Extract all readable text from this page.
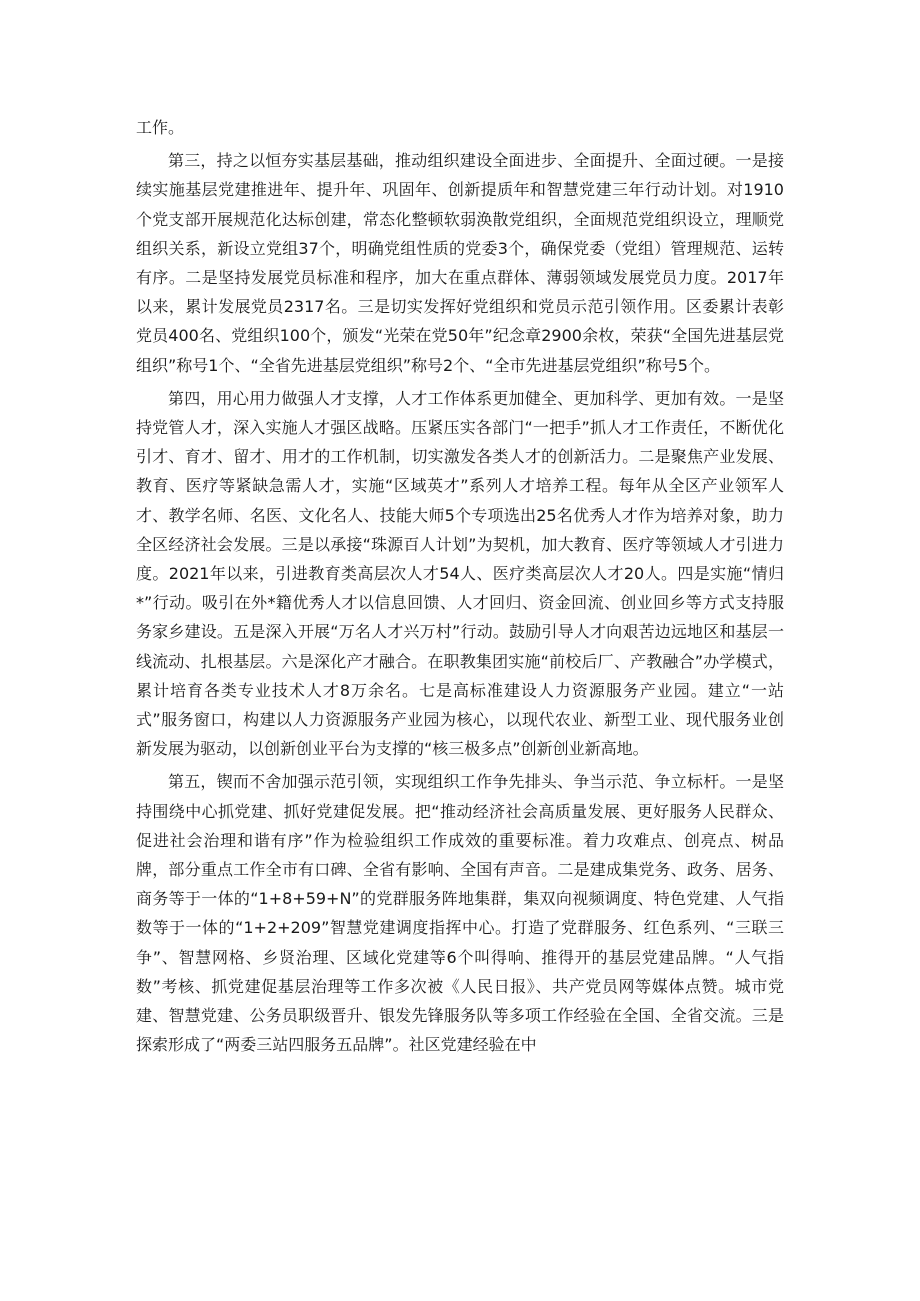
工作。

第三，持之以恒夯实基层基础，推动组织建设全面进步、全面提升、全面过硬。一是接续实施基层党建推进年、提升年、巩固年、创新提质年和智慧党建三年行动计划。对1910个党支部开展规范化达标创建，常态化整顿软弱涣散党组织，全面规范党组织设立，理顺党组织关系，新设立党组37个，明确党组性质的党委3个，确保党委（党组）管理规范、运转有序。二是坚持发展党员标准和程序，加大在重点群体、薄弱领域发展党员力度。2017年以来，累计发展党员2317名。三是切实发挥好党组织和党员示范引领作用。区委累计表彰党员400名、党组织100个，颁发“光荣在党50年”纪念章2900余枚，荣获“全国先进基层党组织”称号1个、“全省先进基层党组织”称号2个、“全市先进基层党组织”称号5个。

第四，用心用力做强人才支撑，人才工作体系更加健全、更加科学、更加有效。一是坚持党管人才，深入实施人才强区战略。压紧压实各部门“一把手”抓人才工作责任，不断优化引才、育才、留才、用才的工作机制，切实激发各类人才的创新活力。二是聚焦产业发展、教育、医疗等紧缺急需人才，实施“区域英才”系列人才培养工程。每年从全区产业领军人才、教学名师、名医、文化名人、技能大师5个专项选出25名优秀人才作为培养对象，助力全区经济社会发展。三是以承接“珠源百人计划”为契机，加大教育、医疗等领域人才引进力度。2021年以来，引进教育类高层次人才54人、医疗类高层次人才20人。四是实施“情归*”行动。吸引在外*籍优秀人才以信息回馈、人才回归、资金回流、创业回乡等方式支持服务家乡建设。五是深入开展“万名人才兴万村”行动。鼓励引导人才向艰苦边远地区和基层一线流动、扎根基层。六是深化产才融合。在职教集团实施“前校后厂、产教融合”办学模式，累计培育各类专业技术人才8万余名。七是高标准建设人力资源服务产业园。建立“一站式”服务窗口，构建以人力资源服务产业园为核心，以现代农业、新型工业、现代服务业创新发展为驱动，以创新创业平台为支撑的“核三极多点”创新创业新高地。

第五，锲而不舍加强示范引领，实现组织工作争先排头、争当示范、争立标杆。一是坚持围绕中心抓党建、抓好党建促发展。把“推动经济社会高质量发展、更好服务人民群众、促进社会治理和谐有序”作为检验组织工作成效的重要标准。着力攻难点、创亮点、树品牌，部分重点工作全市有口碑、全省有影响、全国有声音。二是建成集党务、政务、居务、商务等于一体的“1+8+59+N”的党群服务阵地集群，集双向视频调度、特色党建、人气指数等于一体的“1+2+209”智慧党建调度指挥中心。打造了党群服务、红色系列、“三联三争”、智慧网格、乡贤治理、区域化党建等6个叫得响、推得开的基层党建品牌。“人气指数”考核、抓党建促基层治理等工作多次被《人民日报》、共产党员网等媒体点赞。城市党建、智慧党建、公务员职级晋升、银发先锋服务队等多项工作经验在全国、全省交流。三是探索形成了“两委三站四服务五品牌”。社区党建经验在中
